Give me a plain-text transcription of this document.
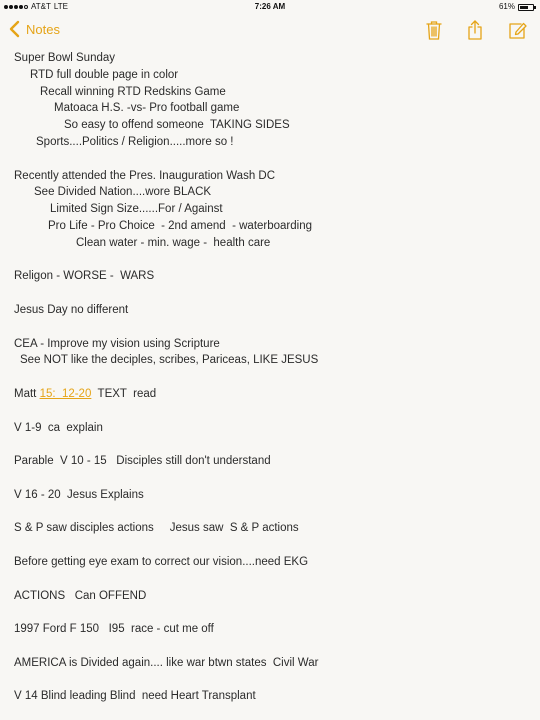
AT&T LTE	7:26 AM	61%
Notes
Super Bowl Sunday
RTD full double page in color
Recall winning RTD Redskins Game
Matoaca H.S. -vs- Pro football game
So easy to offend someone  TAKING SIDES
Sports....Politics / Religion.....more so !
Recently attended the Pres. Inauguration Wash DC
See Divided Nation....wore BLACK
Limited Sign Size......For / Against
Pro Life - Pro Choice  - 2nd amend  - waterboarding
Clean water - min. wage -  health care
Religon - WORSE -  WARS
Jesus Day no different
CEA - Improve my vision using Scripture
See NOT like the deciples, scribes, Pariceas, LIKE JESUS
Matt 15:  12-20  TEXT  read
V 1-9  ca  explain
Parable  V 10 - 15   Disciples still don't understand
V 16 - 20  Jesus Explains
S & P saw disciples actions     Jesus saw  S & P actions
Before getting eye exam to correct our vision....need EKG
ACTIONS   Can OFFEND
1997 Ford F 150   I95  race - cut me off
AMERICA is Divided again.... like war btwn states  Civil War
V 14 Blind leading Blind  need Heart Transplant
